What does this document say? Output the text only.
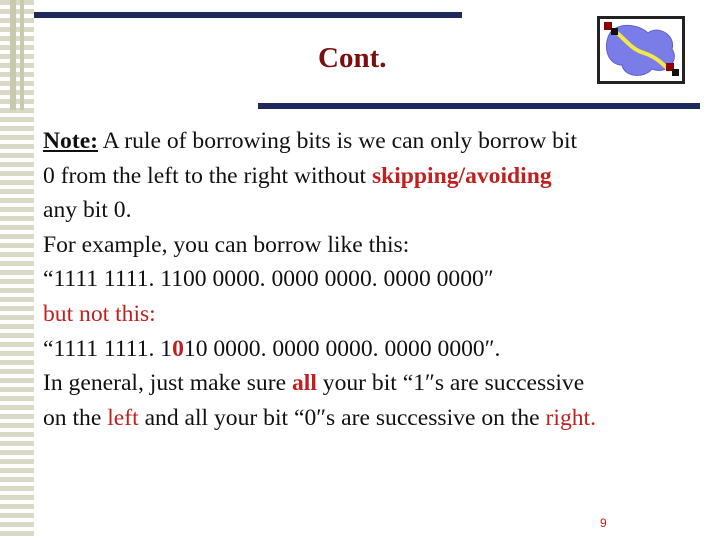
Cont.
Note: A rule of borrowing bits is we can only borrow bit
0 from the left to the right without skipping/avoiding
any bit 0.
For example, you can borrow like this:
“1111 1111. 1100 0000. 0000 0000. 0000 0000″
but not this:
“1111 1111. 1010 0000. 0000 0000. 0000 0000″.
In general, just make sure all your bit “1″s are successive
on the left and all your bit “0″s are successive on the right.
9
